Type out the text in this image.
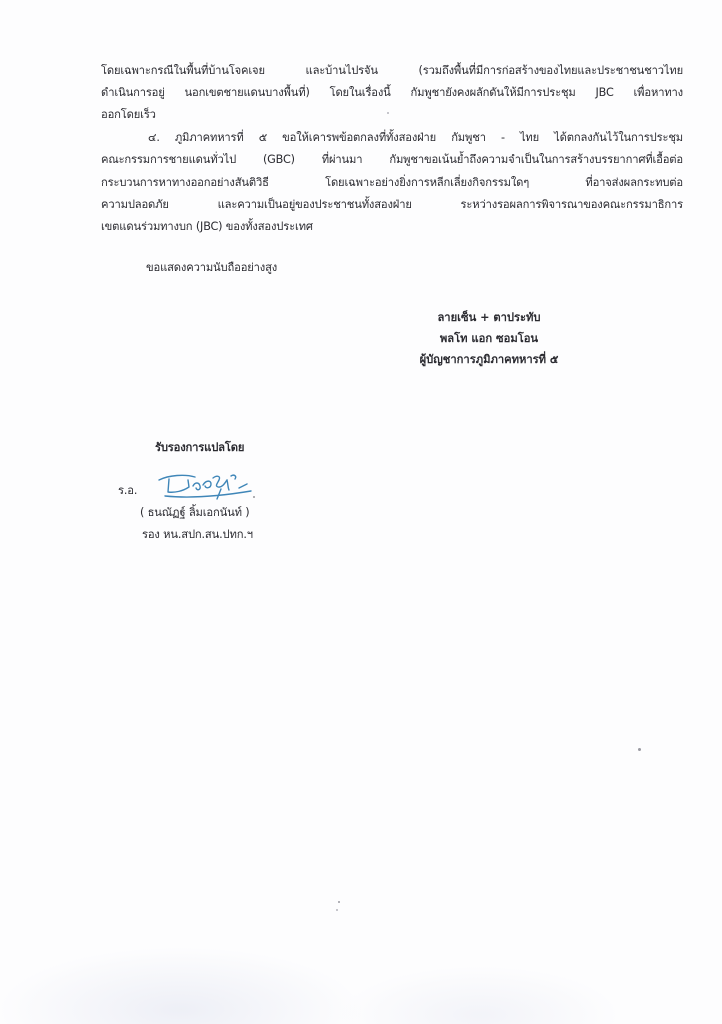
โดยเฉพาะกรณีในพื้นที่บ้านโจคเจย และบ้านไปรจัน (รวมถึงพื้นที่มีการก่อสร้างของไทยและประชาชนชาวไทย
ดำเนินการอยู่ นอกเขตชายแดนบางพื้นที่) โดยในเรื่องนี้ กัมพูชายังคงผลักดันให้มีการประชุม JBC เพื่อหาทาง
ออกโดยเร็ว
๔. ภูมิภาคทหารที่ ๕ ขอให้เคารพข้อตกลงที่ทั้งสองฝ่าย กัมพูชา - ไทย ได้ตกลงกันไว้ในการประชุม
คณะกรรมการชายแดนทั่วไป (GBC) ที่ผ่านมา กัมพูชาขอเน้นย้ำถึงความจำเป็นในการสร้างบรรยากาศที่เอื้อต่อ
กระบวนการหาทางออกอย่างสันติวิธี โดยเฉพาะอย่างยิ่งการหลีกเลี่ยงกิจกรรมใดๆ ที่อาจส่งผลกระทบต่อ
ความปลอดภัย และความเป็นอยู่ของประชาชนทั้งสองฝ่าย ระหว่างรอผลการพิจารณาของคณะกรรมาธิการ
เขตแดนร่วมทางบก (JBC) ของทั้งสองประเทศ
ขอแสดงความนับถืออย่างสูง
ลายเซ็น + ตาประทับ
พลโท แอก ซอมโอน
ผู้บัญชาการภูมิภาคทหารที่ ๕
รับรองการแปลโดย
ร.อ.
( ธนณัฏฐ์ ลิ้มเอกนันท์ )
รอง หน.สปก.สน.ปทก.ฯ
